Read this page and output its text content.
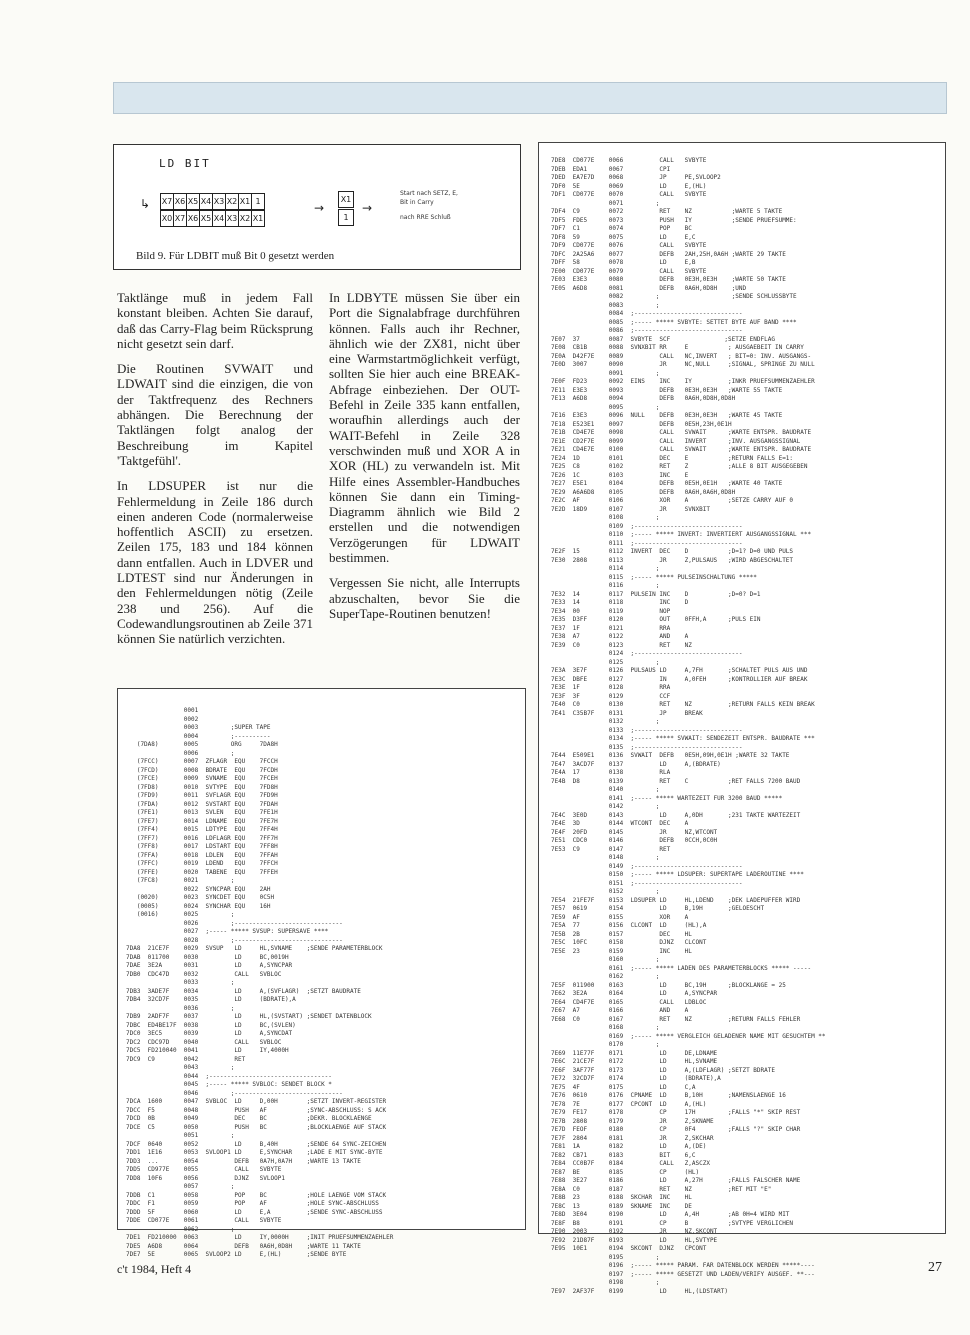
LD BIT
X7 X6 X5 X4 X3 X2 X1 1
X0 X7 X6 X5 X4 X3 X2 X1
↳	→	→
X1
1
Start nach SETZ, E,
Bit in Carry
nach RRE Schluß
Bild 9. Für LDBIT muß Bit 0 gesetzt werden

Taktlänge muß in jedem Fall konstant bleiben. Achten Sie darauf, daß das Carry-Flag beim Rücksprung nicht gesetzt sein darf.

Die Routinen SVWAIT und LDWAIT sind die einzigen, die von der Taktfrequenz des Rechners abhängen. Die Berechnung der Taktlängen folgt analog der Beschreibung im Kapitel 'Taktgefühl'.

In LDSUPER ist nur die Fehlermeldung in Zeile 186 durch einen anderen Code (normalerweise hoffentlich ASCII) zu ersetzen. Zeilen 175, 183 und 184 können dann entfallen. Auch in LDVER und LDTEST sind nur Änderungen in den Fehlermeldungen nötig (Zeile 238 und 256). Auf die Codewandlungsroutinen ab Zeile 371 können Sie natürlich verzichten.

In LDBYTE müssen Sie über ein Port die Signalabfrage durchführen können. Falls auch ihr Rechner, ähnlich wie der ZX81, nicht über eine Warmstartmöglichkeit verfügt, sollten Sie hier auch eine BREAK-Abfrage einbeziehen. Der OUT-Befehl in Zeile 335 kann entfallen, woraufhin allerdings auch der WAIT-Befehl in Zeile 328 verschwinden muß und XOR A in XOR (HL) zu verwandeln ist. Mit Hilfe eines Assembler-Handbuches können Sie dann ein Timing-Diagramm ähnlich wie Bild 2 erstellen und die notwendigen Verzögerungen für LDWAIT bestimmen.

Vergessen Sie nicht, alle Interrupts abzuschalten, bevor Sie die SuperTape-Routinen benutzen!

0001
0002
0003         ;SUPER TAPE
0004         ;----------
(7DA8)       0005         ORG     7DA8H
0006         ;
(7FCC)       0007  ZFLAGR  EQU    7FCCH
(7FCD)       0008  BDRATE  EQU    7FCDH
(7FCE)       0009  SVNAME  EQU    7FCEH
(7FD8)       0010  SVTYPE  EQU    7FD8H
(7FD9)       0011  SVFLAGR EQU    7FD9H
(7FDA)       0012  SVSTART EQU    7FDAH
(7FE1)       0013  SVLEN   EQU    7FE1H
(7FE7)       0014  LDNAME  EQU    7FE7H
(7FF4)       0015  LDTYPE  EQU    7FF4H
(7FF7)       0016  LDFLAGR EQU    7FF7H
(7FF8)       0017  LDSTART EQU    7FF8H
(7FFA)       0018  LDLEN   EQU    7FFAH
(7FFC)       0019  LDEND   EQU    7FFCH
(7FFE)       0020  TABENE  EQU    7FFEH
(7FC8)       0021         ;
0022  SYNCPAR EQU    2AH
(0020)       0023  SYNCDET EQU    0C5H
(0005)       0024  SYNCHAR EQU    16H
(0016)       0025         ;
0026         ;------------------------------
0027  ;----- ***** SVSUP: SUPERSAVE ****
0028         ;------------------------------
7DA8  21CE7F    0029  SVSUP   LD     HL,SVNAME    ;SENDE PARAMETERBLOCK
7DAB  011700    0030          LD     BC,0019H
7DAE  3E2A      0031          LD     A,SYNCPAR
7DB0  CDC47D    0032          CALL   SVBLOC
0033         ;
7DB3  3ADE7F    0034          LD     A,(SVFLAGR)  ;SETZT BAUDRATE
7DB4  32CD7F    0035          LD     (BDRATE),A
0036         ;
7DB9  2ADF7F    0037          LD     HL,(SVSTART) ;SENDET DATENBLOCK
7DBC  ED4BE17F  0038          LD     BC,(SVLEN)
7DC0  3EC5      0039          LD     A,SYNCDAT
7DC2  CDC97D    0040          CALL   SVBLOC
7DC5  FD210040  0041          LD     IY,4000H
7DC9  C9        0042          RET
0043         ;
0044  ;----------------------------------
0045  ;----- ***** SVBLOC: SENDET BLOCK *
0046         ;------------------------------
7DCA  1600      0047  SVBLOC  LD     D,00H        ;SETZT INVERT-REGISTER
7DCC  F5        0048          PUSH   AF           ;SYNC-ABSCHLUSS: S ACK
7DCD  0B        0049          DEC    BC           ;DEKR. BLOCKLAENGE
7DCE  C5        0050          PUSH   BC           ;BLOCKLAENGE AUF STACK
0051         ;
7DCF  0640      0052          LD     B,40H        ;SENDE 64 SYNC-ZEICHEN
7DD1  1E16      0053  SVLOOP1 LD     E,SYNCHAR    ;LADE E MIT SYNC-BYTE
7DD3  ...       0054          DEFB   0A7H,0A7H    ;WARTE 13 TAKTE
7DD5  CD977E    0055          CALL   SVBYTE
7DD8  10F6      0056          DJNZ   SVLOOP1
0057         ;
7DDB  C1        0058          POP    BC           ;HOLE LAENGE VOM STACK
7DDC  F1        0059          POP    AF           ;HOLE SYNC-ABSCHLUSS
7DDD  5F        0060          LD     E,A          ;SENDE SYNC-ABSCHLUSS
7DDE  CD077E    0061          CALL   SVBYTE
0062         ;
7DE1  FD210000  0063          LD     IY,0000H     ;INIT PRUEFSUMMENZAEHLER
7DE5  A6D8      0064          DEFB   0A6H,0D8H    ;WARTE 11 TAKTE
7DE7  5E        0065  SVLOOP2 LD     E,(HL)       ;SENDE BYTE
7DE8  CD077E    0066          CALL   SVBYTE
7DEB  EDA1      0067          CPI
7DED  EA7E7D    0068          JP     PE,SVLOOP2
7DF0  5E        0069          LD     E,(HL)
7DF1  CD077E    0070          CALL   SVBYTE
0071         ;
7DF4  C9        0072          RET    NZ           ;WARTE 5 TAKTE
7DF5  FDE5      0073          PUSH   IY           ;SENDE PRUEFSUMME:
7DF7  C1        0074          POP    BC
7DF8  59        0075          LD     E,C
7DF9  CD077E    0076          CALL   SVBYTE
7DFC  2A25A6    0077          DEFB   2AH,25H,0A6H ;WARTE 29 TAKTE
7DFF  58        0078          LD     E,B
7E00  CD077E    0079          CALL   SVBYTE
7E03  E3E3      0080          DEFB   0E3H,0E3H    ;WARTE 50 TAKTE
7E05  A6D8      0081          DEFB   0A6H,0D8H    ;UND
0082         ;                    ;SENDE SCHLUSSBYTE
0083         ;
0084  ;------------------------------
0085  ;----- ***** SVBYTE: SETTET BYTE AUF BAND ****
0086  ;------------------------------
7E07  37        0087  SVBYTE  SCF               ;SETZE ENDFLAG
7E08  CB1B      0088  SVNXBIT RR     E           ; AUSGAEBEIT IN CARRY
7E0A  D42F7E    0089          CALL   NC,INVERT   ; BIT=0: INV. AUSGANGS-
7E0D  3007      0090          JR     NC,NULL     ;SIGNAL, SPRINGE ZU NULL
0091         ;
7E0F  FD23      0092  EINS    INC    IY          ;INKR PRUEFSUMMENZAEHLER
7E11  E3E3      0093          DEFB   0E3H,0E3H   ;WARTE 55 TAKTE
7E13  A6D8      0094          DEFB   0A6H,0D8H,0D8H
0095         ;
7E16  E3E3      0096  NULL    DEFB   0E3H,0E3H   ;WARTE 45 TAKTE
7E18  E523E1    0097          DEFB   0E5H,23H,0E1H
7E1B  CD4E7E    0098          CALL   SVWAIT      ;WARTE ENTSPR. BAUDRATE
7E1E  CD2F7E    0099          CALL   INVERT      ;INV. AUSGANGSSIGNAL
7E21  CD4E7E    0100          CALL   SVWAIT      ;WARTE ENTSPR. BAUDRATE
7E24  1D        0101          DEC    E           ;RETURN FALLS E=1:
7E25  C8        0102          RET    Z           ;ALLE 8 BIT AUSGEGEBEN
7E26  1C        0103          INC    E
7E27  E5E1      0104          DEFB   0E5H,0E1H   ;WARTE 40 TAKTE
7E29  A6A6D8    0105          DEFB   0A6H,0A6H,0D8H
7E2C  AF        0106          XOR    A           ;SETZE CARRY AUF 0
7E2D  18D9      0107          JR     SVNXBIT
0108         ;
0109  ;------------------------------
0110  ;----- ***** INVERT: INVERTIERT AUSGANGSSIGNAL ***
0111  ;------------------------------
7E2F  15        0112  INVERT  DEC    D           ;D=1? D=0 UND PULS
7E30  2808      0113          JR     Z,PULSAUS   ;WIRD ABGESCHALTET
0114         ;
0115  ;----- ***** PULSEINSCHALTUNG *****
0116         ;
7E32  14        0117  PULSEIN INC    D           ;D=0? D=1
7E33  14        0118          INC    D
7E34  00        0119          NOP
7E35  D3FF      0120          OUT    0FFH,A      ;PULS EIN
7E37  1F        0121          RRA
7E38  A7        0122          AND    A
7E39  C0        0123          RET    NZ
0124  ;------------------------------
0125         ;
7E3A  3E7F      0126  PULSAUS LD     A,7FH       ;SCHALTET PULS AUS UND
7E3C  DBFE      0127          IN     A,0FEH      ;KONTROLLIER AUF BREAK
7E3E  1F        0128          RRA
7E3F  3F        0129          CCF
7E40  C0        0130          RET    NZ          ;RETURN FALLS KEIN BREAK
7E41  C35B7F    0131          JP     BREAK
0132         ;
0133  ;------------------------------
0134  ;----- ***** SVWAIT: SENDEZEIT ENTSPR. BAUDRATE ***
0135  ;------------------------------
7E44  E509E1    0136  SVWAIT  DEFB   0E5H,09H,0E1H ;WARTE 32 TAKTE
7E47  3ACD7F    0137          LD     A,(BDRATE)
7E4A  17        0138          RLA
7E4B  D8        0139          RET    C           ;RET FALLS 7200 BAUD
0140         ;
0141  ;----- ***** WARTEZEIT FUR 3200 BAUD *****
0142         ;
7E4C  3E0D      0143          LD     A,0DH       ;231 TAKTE WARTEZEIT
7E4E  3D        0144  WTCONT  DEC    A
7E4F  20FD      0145          JR     NZ,WTCONT
7E51  CDC0      0146          DEFB   0CCH,0C0H
7E53  C9        0147          RET
0148         ;
0149  ;------------------------------
0150  ;----- ***** LDSUPER: SUPERTAPE LADEROUTINE ****
0151  ;------------------------------
0152         ;
7E54  21FE7F    0153  LDSUPER LD     HL,LDEND    ;DEK LADEPUFFER WIRD
7E57  0619      0154          LD     B,19H       ;GELOESCHT
7E59  AF        0155          XOR    A
7E5A  77        0156  CLCONT  LD     (HL),A
7E5B  2B        0157          DEC    HL
7E5C  10FC      0158          DJNZ   CLCONT
7E5E  23        0159          INC    HL
0160         ;
0161  ;----- ***** LADEN DES PARAMETERBLOCKS ***** -----
0162         ;
7E5F  011900    0163          LD     BC,19H      ;BLOCKLANGE = 25
7E62  3E2A      0164          LD     A,SYNCPAR
7E64  CD4F7E    0165          CALL   LDBLOC
7E67  A7        0166          AND    A
7E68  C0        0167          RET    NZ          ;RETURN FALLS FEHLER
0168         ;
0169  ;----- ***** VERGLEICH GELADENER NAME MIT GESUCHTEM **
0170         ;
7E69  11E77F    0171          LD     DE,LDNAME
7E6C  21CE7F    0172          LD     HL,SVNAME
7E6F  3AF77F    0173          LD     A,(LDFLAGR) ;SETZT BDRATE
7E72  32CD7F    0174          LD     (BDRATE),A
7E75  4F        0175          LD     C,A
7E76  0610      0176  CPNAME  LD     B,10H       ;NAMENSLAENGE 16
7E78  7E        0177  CPCONT  LD     A,(HL)
7E79  FE17      0178          CP     17H         ;FALLS "*" SKIP REST
7E7B  2808      0179          JR     Z,SKNAME
7E7D  FEOF      0180          CP     0F4         ;FALLS "?" SKIP CHAR
7E7F  2804      0181          JR     Z,SKCHAR
7E81  1A        0182          LD     A,(DE)
7E82  CB71      0183          BIT    6,C
7E84  CC0B7F    0184          CALL   Z,ASCZX
7E87  BE        0185          CP     (HL)
7E88  3E27      0186          LD     A,27H       ;FALLS FALSCHER NAME
7E8A  C0        0187          RET    NZ          ;RET MIT "E"
7E8B  23        0188  SKCHAR  INC    HL
7E8C  13        0189  SKNAME  INC    DE
7E8D  3E04      0190          LD     A,4H        ;AB 0H=4 WIRD MIT
7E8F  B8        0191          CP     B           ;SVTYPE VERGLICHEN
7E90  2003      0192          JR     NZ,SKCONT
7E92  21D87F    0193          LD     HL,SVTYPE
7E95  10E1      0194  SKCONT  DJNZ   CPCONT
0195         ;
0196  ;----- ***** PARAM. FAR DATENBLOCK WERDEN *****----
0197  ;----- ***** GESETZT UND LADEN/VERIFY AUSGEF. **---
0198         ;
7E97  2AF37F    0199          LD     HL,(LDSTART)
c't 1984, Heft 4	27
